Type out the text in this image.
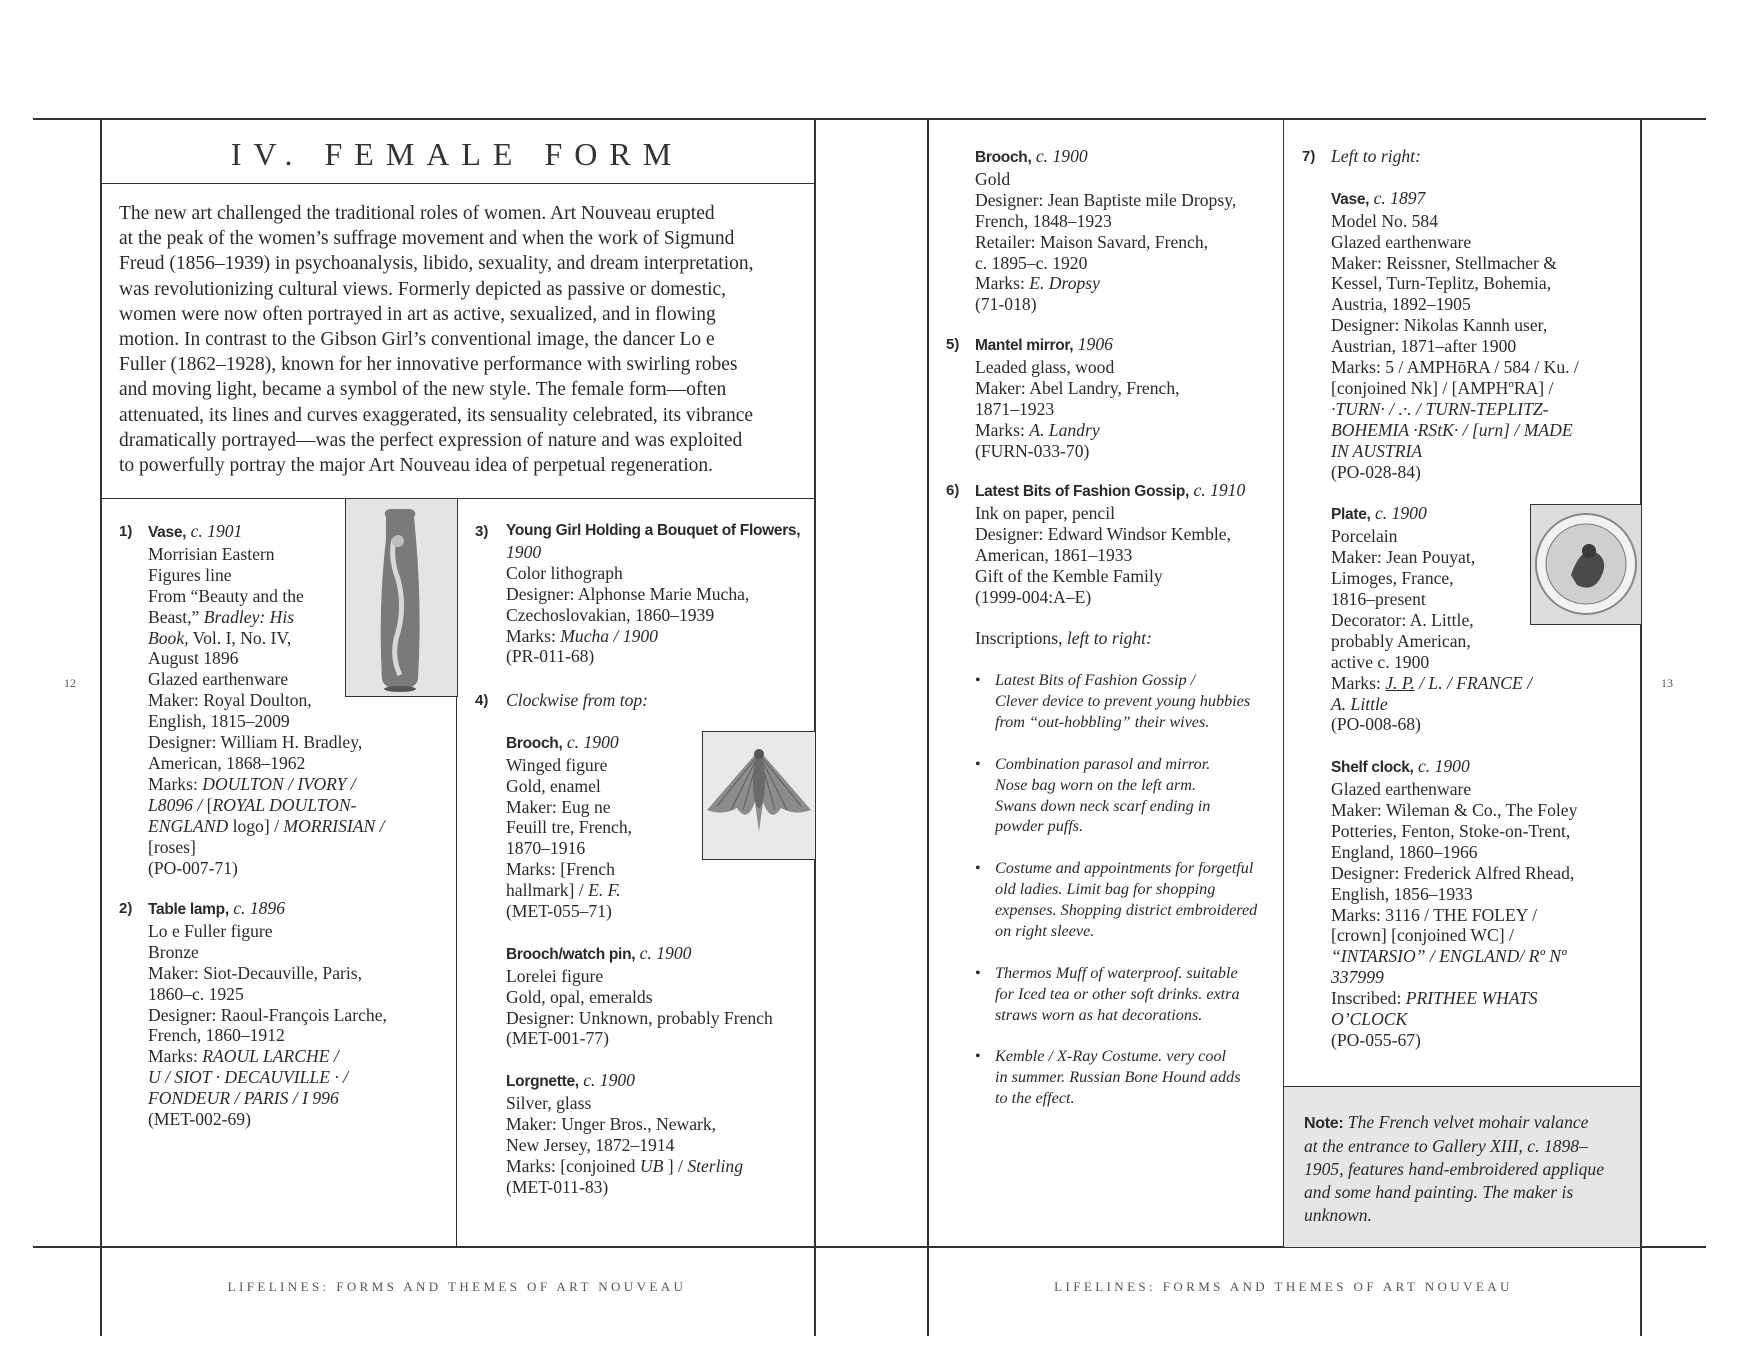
12	13
LIFELINES: FORMS AND THEMES OF ART NOUVEAU	LIFELINES: FORMS AND THEMES OF ART NOUVEAU
IV. FEMALE FORM
The new art challenged the traditional roles of women. Art Nouveau erupted
at the peak of the women’s suffrage movement and when the work of Sigmund
Freud (1856–1939) in psychoanalysis, libido, sexuality, and dream interpretation,
was revolutionizing cultural views. Formerly depicted as passive or domestic,
women were now often portrayed in art as active, sexualized, and in flowing
motion. In contrast to the Gibson Girl’s conventional image, the dancer Lo e
Fuller (1862–1928), known for her innovative performance with swirling robes
and moving light, became a symbol of the new style. The female form—often
attenuated, its lines and curves exaggerated, its sensuality celebrated, its vibrance
dramatically portrayed—was the perfect expression of nature and was exploited
to powerfully portray the major Art Nouveau idea of perpetual regeneration.
1) Vase, c. 1901
Morrisian Eastern
Figures line
From “Beauty and the
Beast,” Bradley: His
Book, Vol. I, No. IV,
August 1896
Glazed earthenware
Maker: Royal Doulton,
English, 1815–2009
Designer: William H. Bradley,
American, 1868–1962
Marks: DOULTON / IVORY /
L8096 / [ROYAL DOULTON-
ENGLAND logo] / MORRISIAN /
[roses]
(PO-007-71)
2) Table lamp, c. 1896
Lo e Fuller figure
Bronze
Maker: Siot-Decauville, Paris,
1860–c. 1925
Designer: Raoul-François Larche,
French, 1860–1912
Marks: RAOUL LARCHE /
U / SIOT · DECAUVILLE · /
FONDEUR / PARIS / I 996
(MET-002-69)
3) Young Girl Holding a Bouquet of Flowers,
1900
Color lithograph
Designer: Alphonse Marie Mucha,
Czechoslovakian, 1860–1939
Marks: Mucha / 1900
(PR-011-68)
4) Clockwise from top:
Brooch, c. 1900
Winged figure
Gold, enamel
Maker: Eug ne
Feuill tre, French,
1870–1916
Marks: [French
hallmark] / E. F.
(MET-055–71)
Brooch/watch pin, c. 1900
Lorelei figure
Gold, opal, emeralds
Designer: Unknown, probably French
(MET-001-77)
Lorgnette, c. 1900
Silver, glass
Maker: Unger Bros., Newark,
New Jersey, 1872–1914
Marks: [conjoined UB ] / Sterling
(MET-011-83)
Brooch, c. 1900
Gold
Designer: Jean Baptiste mile Dropsy,
French, 1848–1923
Retailer: Maison Savard, French,
c. 1895–c. 1920
Marks: E. Dropsy
(71-018)
5) Mantel mirror, 1906
Leaded glass, wood
Maker: Abel Landry, French,
1871–1923
Marks: A. Landry
(FURN-033-70)
6) Latest Bits of Fashion Gossip, c. 1910
Ink on paper, pencil
Designer: Edward Windsor Kemble,
American, 1861–1933
Gift of the Kemble Family
(1999-004:A–E)
Inscriptions, left to right:
• Latest Bits of Fashion Gossip /
Clever device to prevent young hubbies
from “out-hobbling” their wives.
• Combination parasol and mirror.
Nose bag worn on the left arm.
Swans down neck scarf ending in
powder puffs.
• Costume and appointments for forgetful
old ladies. Limit bag for shopping
expenses. Shopping district embroidered
on right sleeve.
• Thermos Muff of waterproof. suitable
for Iced tea or other soft drinks. extra
straws worn as hat decorations.
• Kemble / X-Ray Costume. very cool
in summer. Russian Bone Hound adds
to the effect.
7) Left to right:
Vase, c. 1897
Model No. 584
Glazed earthenware
Maker: Reissner, Stellmacher &
Kessel, Turn-Teplitz, Bohemia,
Austria, 1892–1905
Designer: Nikolas Kannh user,
Austrian, 1871–after 1900
Marks: 5 / AMPHōRA / 584 / Ku. /
[conjoined Nk] / [AMPHºRA] /
·TURN· / .·. / TURN-TEPLITZ-
BOHEMIA ·RStK· / [urn] / MADE
IN AUSTRIA
(PO-028-84)
Plate, c. 1900
Porcelain
Maker: Jean Pouyat,
Limoges, France,
1816–present
Decorator: A. Little,
probably American,
active c. 1900
Marks: J. P. / L. / FRANCE /
A. Little
(PO-008-68)
Shelf clock, c. 1900
Glazed earthenware
Maker: Wileman & Co., The Foley
Potteries, Fenton, Stoke-on-Trent,
England, 1860–1966
Designer: Frederick Alfred Rhead,
English, 1856–1933
Marks: 3116 / THE FOLEY /
[crown] [conjoined WC] /
“INTARSIO” / ENGLAND/ Rº Nº
337999
Inscribed: PRITHEE WHATS
O’CLOCK
(PO-055-67)
Note: The French velvet mohair valance
at the entrance to Gallery XIII, c. 1898–
1905, features hand-embroidered applique
and some hand painting. The maker is
unknown.
